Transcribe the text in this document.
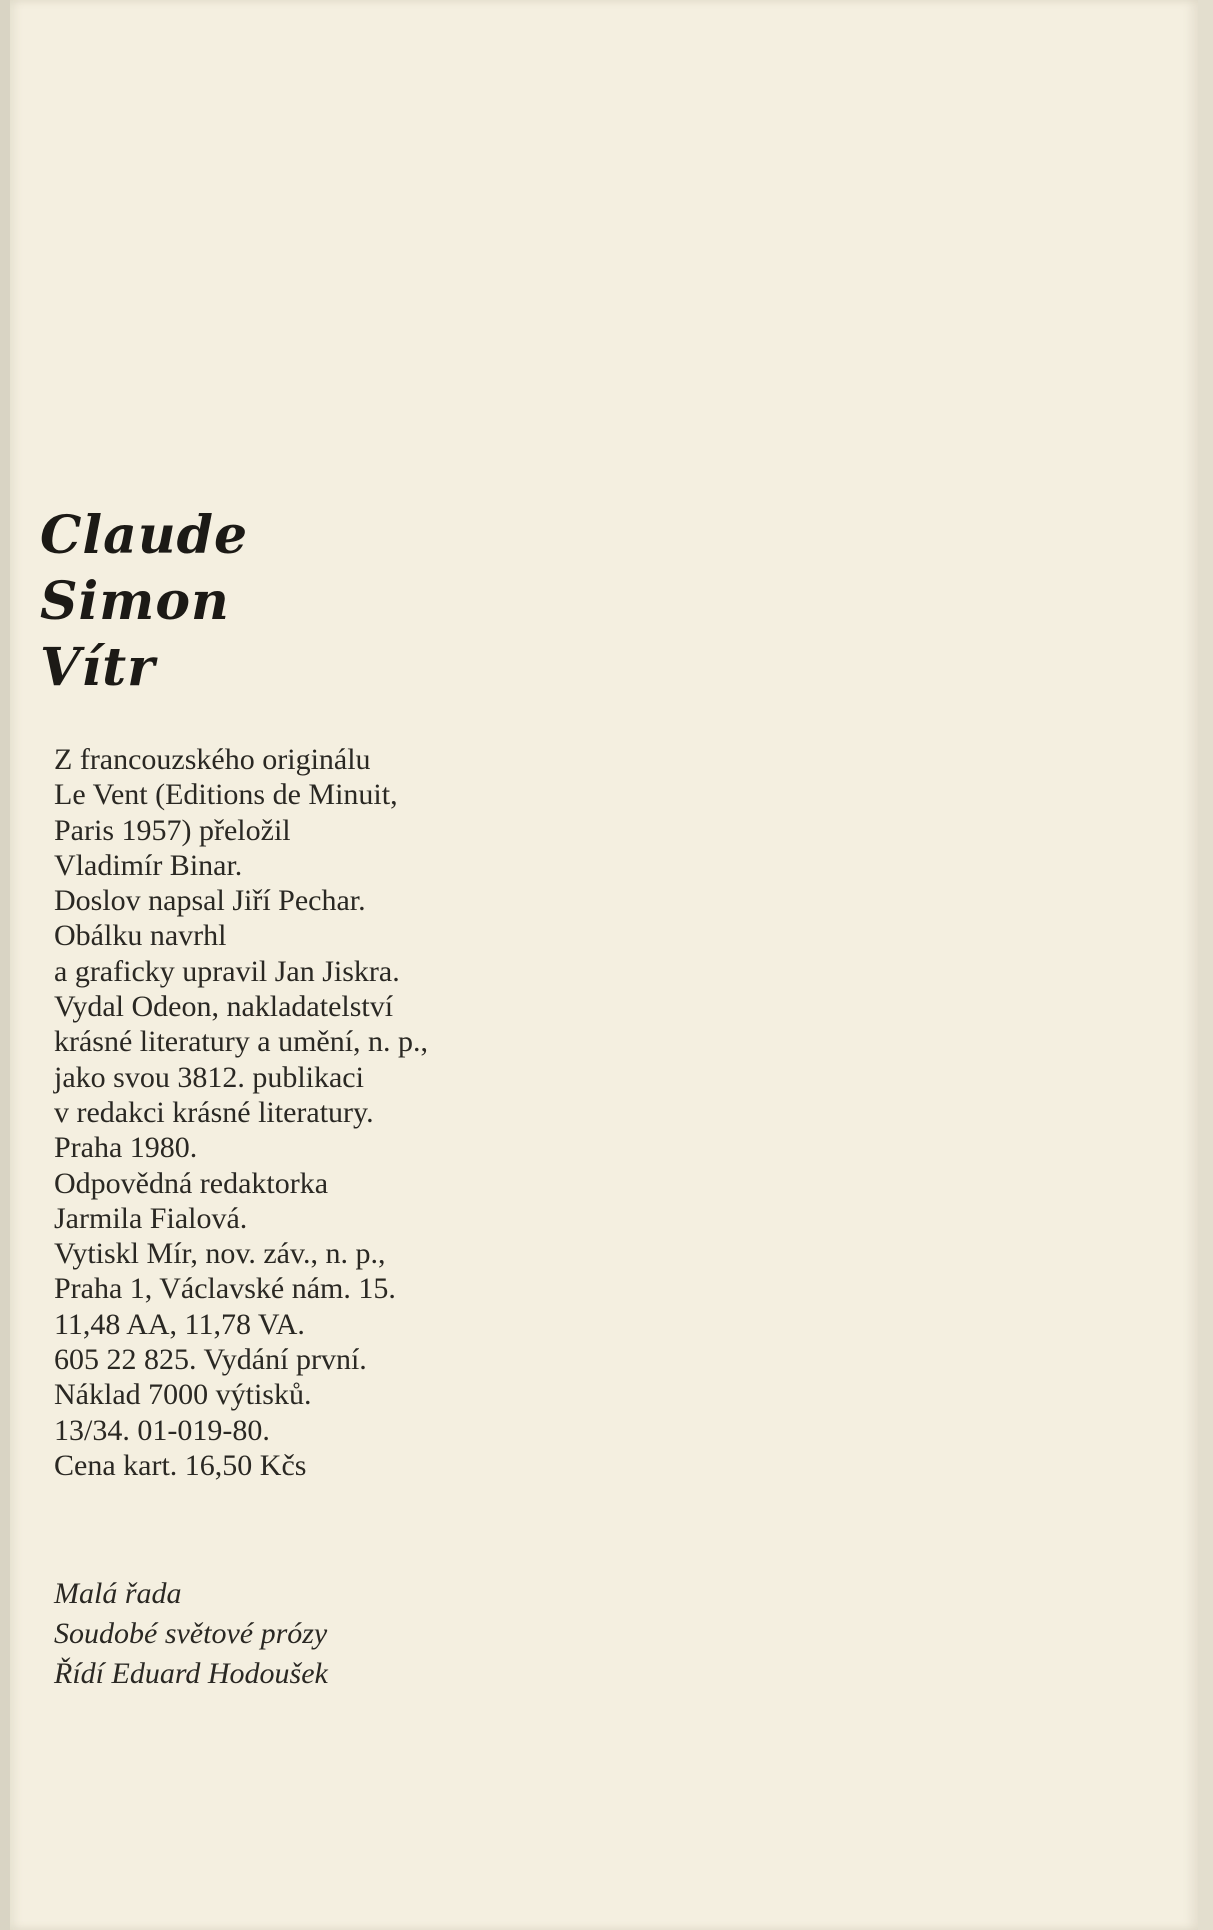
Claude
Simon
Vítr
Z francouzského originálu
Le Vent (Editions de Minuit,
Paris 1957) přeložil
Vladimír Binar.
Doslov napsal Jiří Pechar.
Obálku navrhl
a graficky upravil Jan Jiskra.
Vydal Odeon, nakladatelství
krásné literatury a umění, n. p.,
jako svou 3812. publikaci
v redakci krásné literatury.
Praha 1980.
Odpovědná redaktorka
Jarmila Fialová.
Vytiskl Mír, nov. záv., n. p.,
Praha 1, Václavské nám. 15.
11,48 AA, 11,78 VA.
605 22 825. Vydání první.
Náklad 7000 výtisků.
13/34. 01-019-80.
Cena kart. 16,50 Kčs
Malá řada
Soudobé světové prózy
Řídí Eduard Hodoušek
